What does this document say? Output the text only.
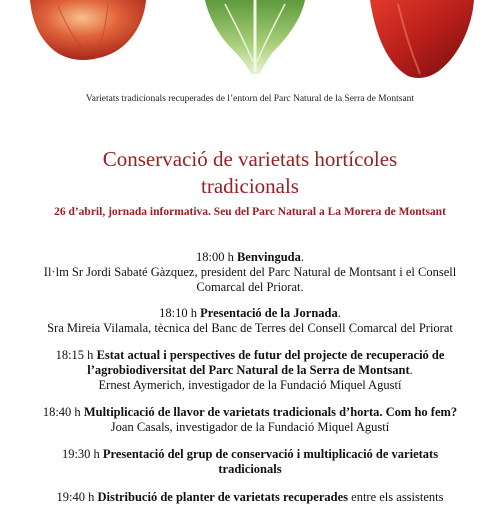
Varietats tradicionals recuperades de l’entorn del Parc Natural de la Serra de Montsant
Conservació de varietats hortícoles
tradicionals
26 d’abril, jornada informativa. Seu del Parc Natural a La Morera de Montsant
18:00 h Benvinguda.
Il·lm Sr Jordi Sabaté Gàzquez, president del Parc Natural de Montsant i el Consell
Comarcal del Priorat.
18:10 h Presentació de la Jornada.
Sra Mireia Vilamala, tècnica del Banc de Terres del Consell Comarcal del Priorat
18:15 h Estat actual i perspectives de futur del projecte de recuperació de
l’agrobiodiversitat del Parc Natural de la Serra de Montsant.
Ernest Aymerich, investigador de la Fundació Miquel Agustí
18:40 h Multiplicació de llavor de varietats tradicionals d’horta. Com ho fem?
Joan Casals, investigador de la Fundació Miquel Agustí
19:30 h Presentació del grup de conservació i multiplicació de varietats
tradicionals
19:40 h Distribució de planter de varietats recuperades entre els assistents
